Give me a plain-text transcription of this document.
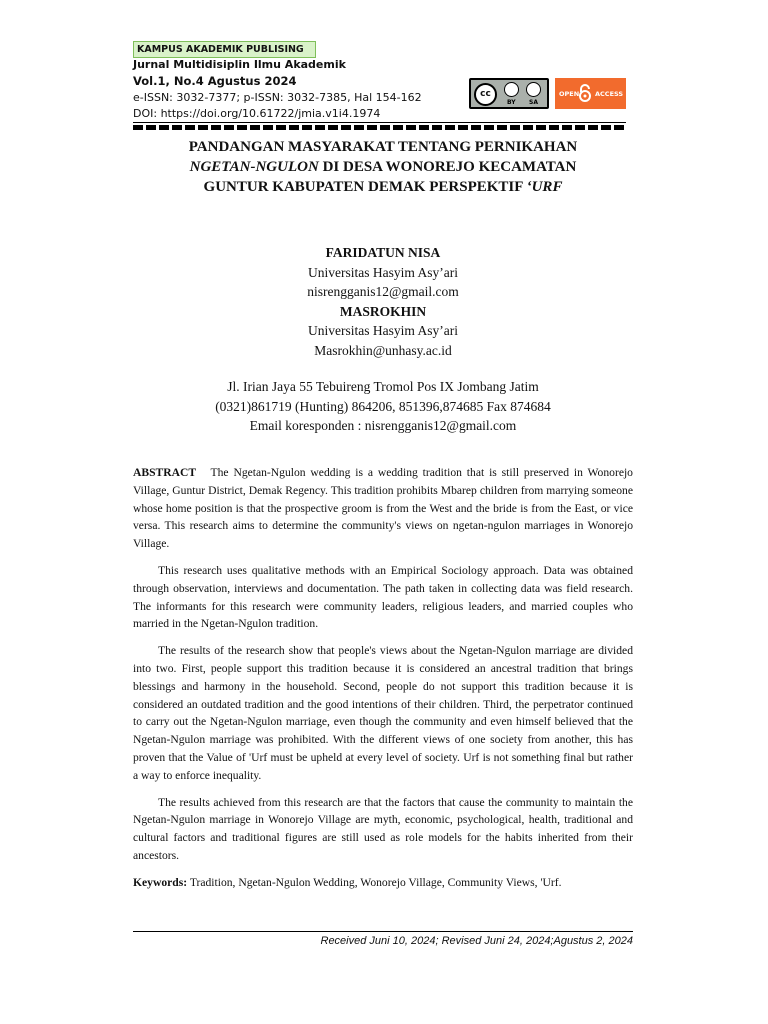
KAMPUS AKADEMIK PUBLISING
Jurnal Multidisiplin Ilmu Akademik
Vol.1, No.4 Agustus 2024
e-ISSN: 3032-7377; p-ISSN: 3032-7385, Hal 154-162
DOI: https://doi.org/10.61722/jmia.v1i4.1974
cc
BY SA
OPEN ACCESS
PANDANGAN MASYARAKAT TENTANG PERNIKAHAN
NGETAN-NGULON DI DESA WONOREJO KECAMATAN
GUNTUR KABUPATEN DEMAK PERSPEKTIF ‘URF
FARIDATUN NISA
Universitas Hasyim Asy’ari
nisrengganis12@gmail.com
MASROKHIN
Universitas Hasyim Asy’ari
Masrokhin@unhasy.ac.id
Jl. Irian Jaya 55 Tebuireng Tromol Pos IX Jombang Jatim
(0321)861719 (Hunting) 864206, 851396,874685 Fax 874684
Email koresponden : nisrengganis12@gmail.com

ABSTRACT The Ngetan-Ngulon wedding is a wedding tradition that is still preserved in Wonorejo Village, Guntur District, Demak Regency. This tradition prohibits Mbarep children from marrying someone whose home position is that the prospective groom is from the West and the bride is from the East, or vice versa. This research aims to determine the community's views on ngetan-ngulon marriages in Wonorejo Village.

This research uses qualitative methods with an Empirical Sociology approach. Data was obtained through observation, interviews and documentation. The path taken in collecting data was field research. The informants for this research were community leaders, religious leaders, and married couples who married in the Ngetan-Ngulon tradition.

The results of the research show that people's views about the Ngetan-Ngulon marriage are divided into two. First, people support this tradition because it is considered an ancestral tradition that brings blessings and harmony in the household. Second, people do not support this tradition because it is considered an outdated tradition and the good intentions of their children. Third, the perpetrator continued to carry out the Ngetan-Ngulon marriage, even though the community and even himself believed that the Ngetan-Ngulon marriage was prohibited. With the different views of one society from another, this has proven that the Value of 'Urf must be upheld at every level of society. Urf is not something final but rather a way to enforce inequality.

The results achieved from this research are that the factors that cause the community to maintain the Ngetan-Ngulon marriage in Wonorejo Village are myth, economic, psychological, health, traditional and cultural factors and traditional figures are still used as role models for the habits inherited from their ancestors.

Keywords: Tradition, Ngetan-Ngulon Wedding, Wonorejo Village, Community Views, 'Urf.

Received Juni 10, 2024; Revised Juni 24, 2024;Agustus 2, 2024
